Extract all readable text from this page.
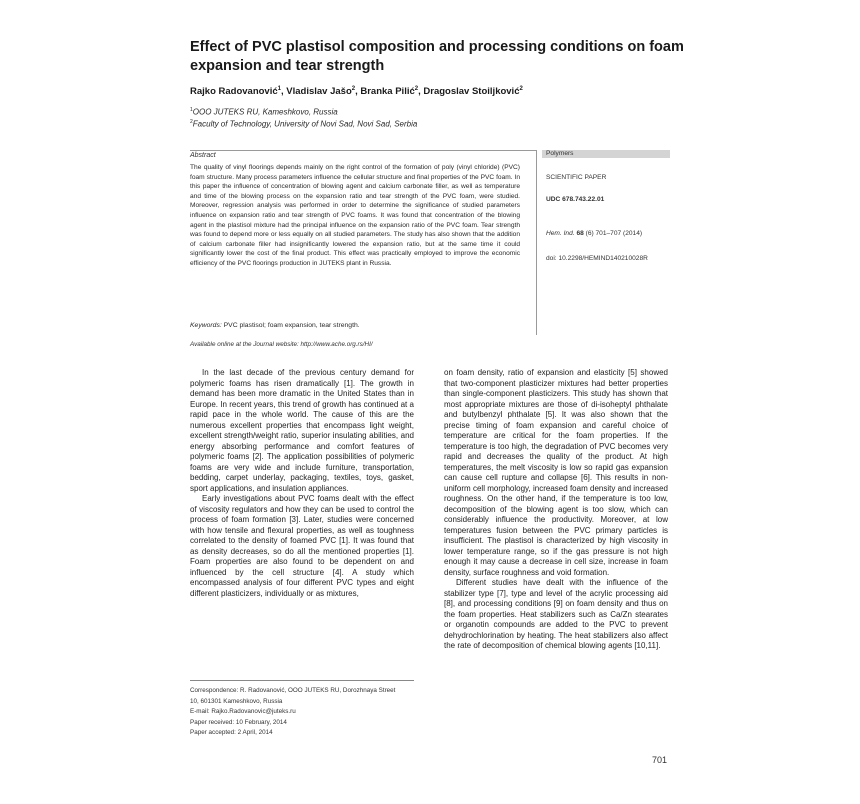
Effect of PVC plastisol composition and processing conditions on foam expansion and tear strength
Rajko Radovanović$^1$, Vladislav Jašo$^2$, Branka Pilić$^2$, Dragoslav Stoiljković$^2$
$^1$OOO JUTEKS RU, Kameshkovo, Russia
$^2$Faculty of Technology, University of Novi Sad, Novi Sad, Serbia
Abstract

The quality of vinyl floorings depends mainly on the right control of the formation of poly (vinyl chloride) (PVC) foam structure. Many process parameters influence the cellular structure and final properties of the PVC foam. In this paper the influence of concentration of blowing agent and calcium carbonate filler, as well as temperature and time of the blowing process on the expansion ratio and tear strength of the PVC foam, were studied. Moreover, regression analysis was performed in order to determine the significance of studied parameters influence on expansion ratio and tear strength of PVC foams. It was found that concentration of the blowing agent in the plastisol mixture had the principal influence on the expansion ratio of the PVC foam. Tear strength was found to depend more or less equally on all studied parameters. The study has also shown that the addition of calcium carbonate filler had insignificantly lowered the expansion ratio, but at the same time it could significantly lower the cost of the final product. This effect was practically employed to improve the economic efficiency of the PVC floorings production in JUTEKS plant in Russia.

Keywords: PVC plastisol; foam expansion, tear strength.
Available online at the Journal website: http://www.ache.org.rs/HI/
Polymers
SCIENTIFIC PAPER
UDC 678.743.22.01
Hem. Ind. 68 (6) 701–707 (2014)
doi: 10.2298/HEMIND140210028R

In the last decade of the previous century demand for polymeric foams has risen dramatically [1]. The growth in demand has been more dramatic in the United States than in Europe. In recent years, this trend of growth has continued at a rapid pace in the whole world. The cause of this are the numerous excellent properties that encompass light weight, excellent strength/weight ratio, superior insulating abilities, and energy absorbing performance and comfort features of polymeric foams [2]. The application possibilities of polymeric foams are very wide and include furniture, transportation, bedding, carpet underlay, packaging, textiles, toys, gasket, sport applications, and insulation appliances.

Early investigations about PVC foams dealt with the effect of viscosity regulators and how they can be used to control the process of foam formation [3]. Later, studies were concerned with how tensile and flexural properties, as well as toughness correlated to the density of foamed PVC [1]. It was found that as density decreases, so do all the mentioned properties [1]. Foam properties are also found to be dependent on and influenced by the cell structure [4]. A study which encompassed analysis of four different PVC types and eight different plasticizers, individually or as mixtures,

on foam density, ratio of expansion and elasticity [5] showed that two-component plasticizer mixtures had better properties than single-component plasticizers. This study has shown that most appropriate mixtures are those of di-isoheptyl phthalate and butylbenzyl phthalate [5]. It was also shown that the precise timing of foam expansion and careful choice of temperature are critical for the foam properties. If the temperature is too high, the degradation of PVC becomes very rapid and decreases the quality of the product. At high temperatures, the melt viscosity is low so rapid gas expansion can cause cell rupture and collapse [6]. This results in non-uniform cell morphology, increased foam density and increased roughness. On the other hand, if the temperature is too low, decomposition of the blowing agent is too slow, which can considerably influence the productivity. Moreover, at low temperatures fusion between the PVC primary particles is insufficient. The plastisol is characterized by high viscosity in lower temperature range, so if the gas pressure is not high enough it may cause a decrease in cell size, increase in foam density, surface roughness and void formation.

Different studies have dealt with the influence of the stabilizer type [7], type and level of the acrylic processing aid [8], and processing conditions [9] on foam density and thus on the foam properties. Heat stabilizers such as Ca/Zn stearates or organotin compounds are added to the PVC to prevent dehydrochlorination by heating. The heat stabilizers also affect the rate of decomposition of chemical blowing agents [10,11].

Correspondence: R. Radovanović, OOO JUTEKS RU, Dorozhnaya Street
10, 601301 Kameshkovo, Russia
E-mail: Rajko.Radovanovic@juteks.ru
Paper received: 10 February, 2014
Paper accepted: 2 April, 2014
701
